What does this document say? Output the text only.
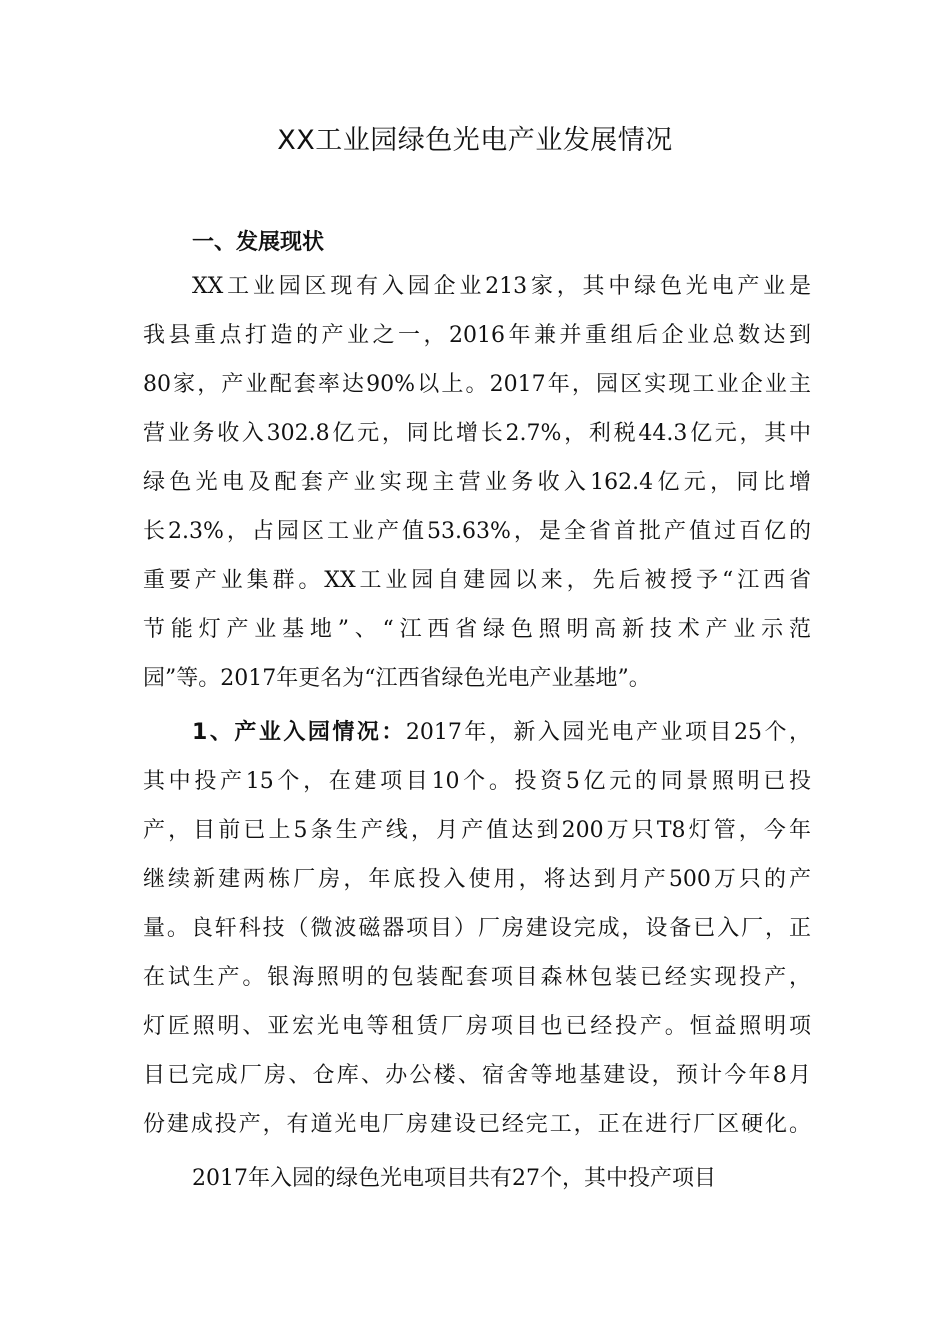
XX工业园绿色光电产业发展情况
一、发展现状
XX工业园区现有入园企业213家，其中绿色光电产业是
我县重点打造的产业之一，2016年兼并重组后企业总数达到
80家，产业配套率达90%以上。2017年，园区实现工业企业主
营业务收入302.8亿元，同比增长2.7%，利税44.3亿元，其中
绿色光电及配套产业实现主营业务收入162.4亿元，同比增
长2.3%，占园区工业产值53.63%，是全省首批产值过百亿的
重要产业集群。XX工业园自建园以来，先后被授予“江西省
节能灯产业基地”、“江西省绿色照明高新技术产业示范
园”等。2017年更名为“江西省绿色光电产业基地”。
1、产业入园情况：2017年，新入园光电产业项目25个，
其中投产15个，在建项目10个。投资5亿元的同景照明已投
产，目前已上5条生产线，月产值达到200万只T8灯管，今年
继续新建两栋厂房，年底投入使用，将达到月产500万只的产
量。良轩科技（微波磁器项目）厂房建设完成，设备已入厂，正
在试生产。银海照明的包装配套项目森林包装已经实现投产，
灯匠照明、亚宏光电等租赁厂房项目也已经投产。恒益照明项
目已完成厂房、仓库、办公楼、宿舍等地基建设，预计今年8月
份建成投产，有道光电厂房建设已经完工，正在进行厂区硬化。
2017年入园的绿色光电项目共有27个，其中投产项目
